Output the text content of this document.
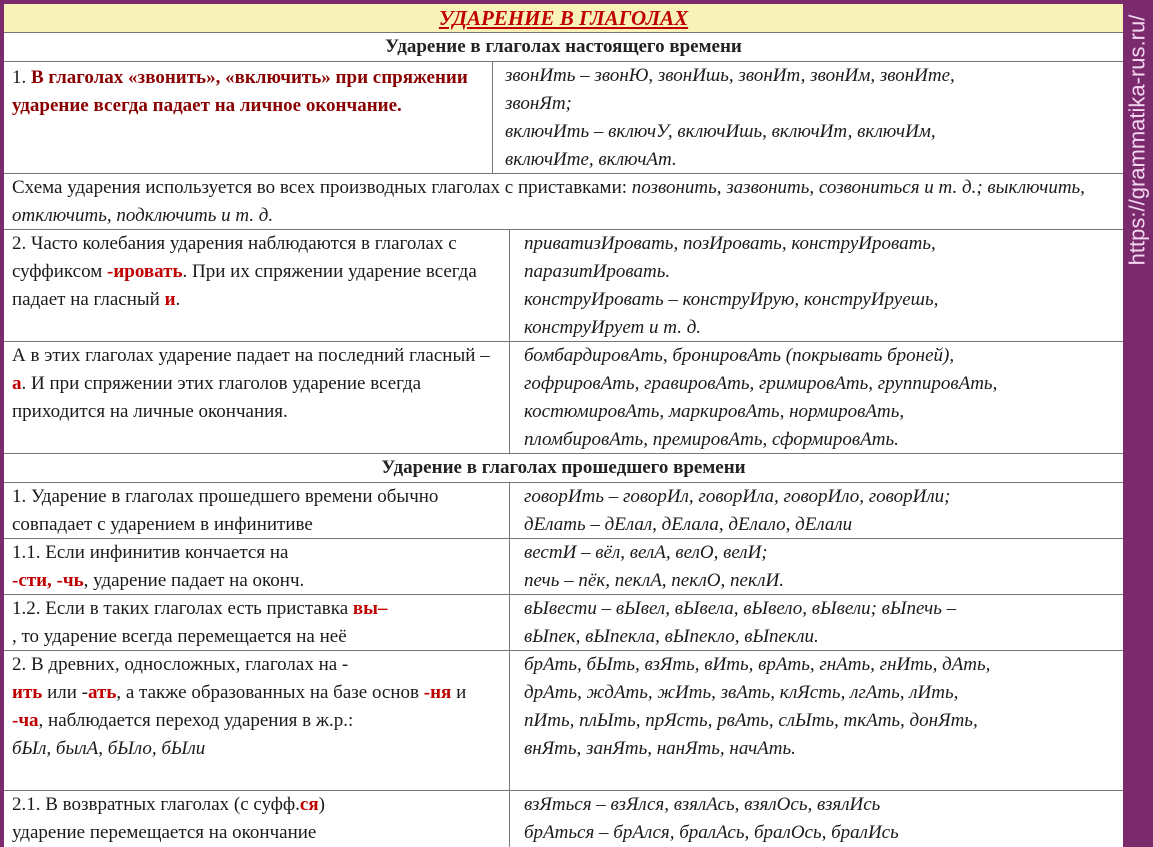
УДАРЕНИЕ В ГЛАГОЛАХ
Ударение в глаголах настоящего времени
1. В глаголах «звонить», «включить» при спряжении ударение всегда падает на личное окончание.
звонИть – звонЮ, звонИшь, звонИт, звонИм, звонИте,
звонЯт;
включИть – включУ, включИшь, включИт, включИм,
включИте, включАт.
Схема ударения используется во всех производных глаголах с приставками: позвонить, зазвонить, созвониться и т. д.; выключить, отключить, подключить и т. д.
2. Часто колебания ударения наблюдаются в глаголах с суффиксом -ировать. При их спряжении ударение всегда падает на гласный и.
приватизИровать, позИровать, конструИровать,
паразитИровать.
конструИровать – конструИрую, конструИруешь,
конструИрует и т. д.
А в этих глаголах ударение падает на последний гласный – а. И при спряжении этих глаголов ударение всегда приходится на личные окончания.
бомбардировАть, бронировАть (покрывать броней),
гофрировАть, гравировАть, гримировАть, группировАть,
костюмировАть, маркировАть, нормировАть,
пломбировАть, премировАть, сформировАть.
Ударение в глаголах прошедшего времени
1. Ударение в глаголах прошедшего времени обычно совпадает с ударением в инфинитиве
говорИть – говорИл, говорИла, говорИло, говорИли;
дЕлать – дЕлал, дЕлала, дЕлало, дЕлали
1.1. Если инфинитив кончается на
-сти, -чь, ударение падает на оконч.
вестИ – вёл, велА, велО, велИ;
печь – пёк, пеклА, пеклО, пеклИ.
1.2. Если в таких глаголах есть приставка вы–
, то ударение всегда перемещается на неё
вЫвести – вЫвел, вЫвела, вЫвело, вЫвели; вЫпечь –
вЫпек, вЫпекла, вЫпекло, вЫпекли.
2. В древних, односложных, глаголах на -
ить или -ать, а также образованных на базе основ -ня и
-ча, наблюдается переход ударения в ж.р.:
бЫл, былА, бЫло, бЫли
брАть, бЫть, взЯть, вИть, врАть, гнАть, гнИть, дАть,
дрАть, ждАть, жИть, звАть, клЯсть, лгАть, лИть,
пИть, плЫть, прЯсть, рвАть, слЫть, ткАть, донЯть,
внЯть, занЯть, нанЯть, начАть.
2.1. В возвратных глаголах (с суфф.ся)
ударение перемещается на окончание
взЯться – взЯлся, взялАсь, взялОсь, взялИсь
брАться – брАлся, бралАсь, бралОсь, бралИсь
https://grammatika-rus.ru/
